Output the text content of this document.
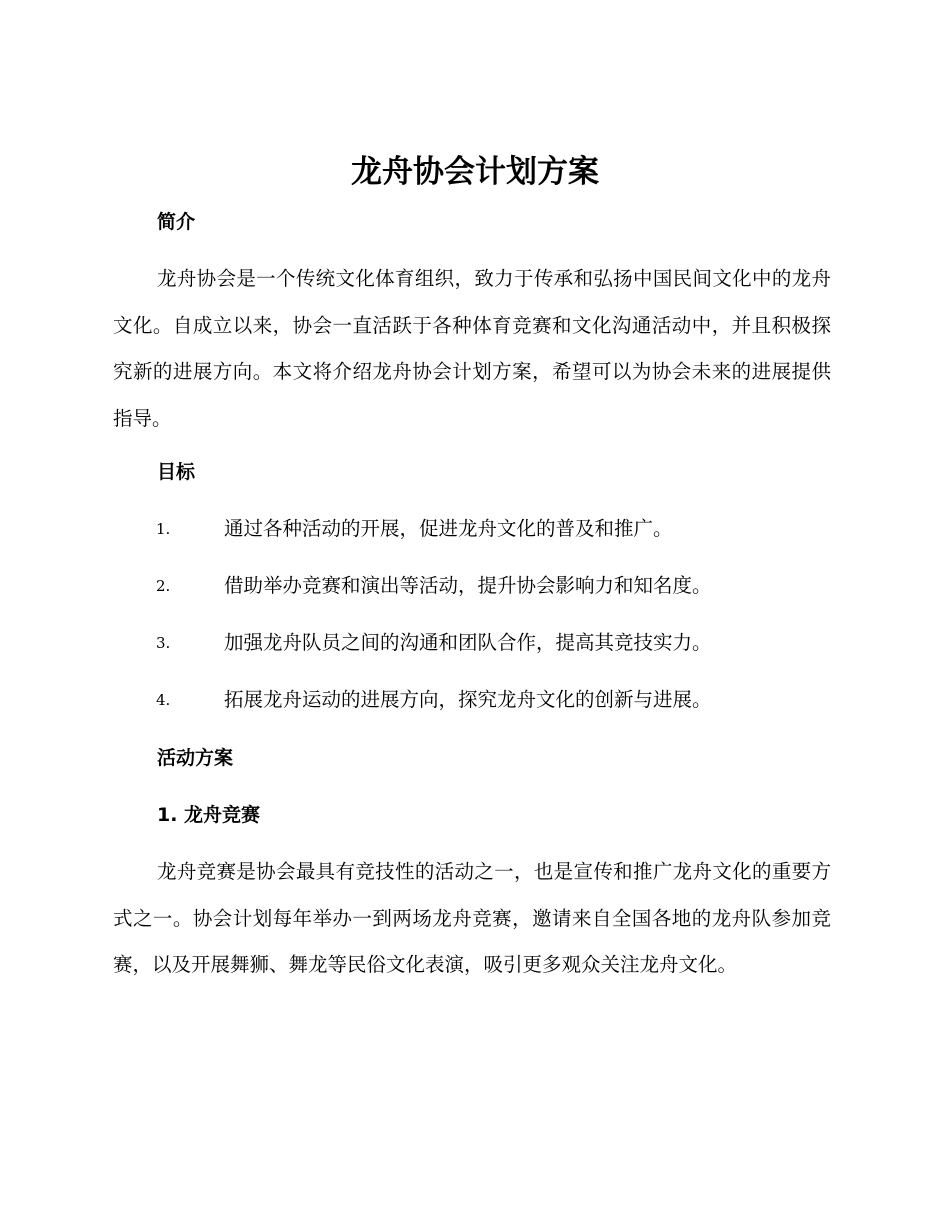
龙舟协会计划方案
简介

龙舟协会是一个传统文化体育组织，致力于传承和弘扬中国民间文化中的龙舟文化。自成立以来，协会一直活跃于各种体育竞赛和文化沟通活动中，并且积极探究新的进展方向。本文将介绍龙舟协会计划方案，希望可以为协会未来的进展提供指导。

目标
1.	通过各种活动的开展，促进龙舟文化的普及和推广。
2.	借助举办竞赛和演出等活动，提升协会影响力和知名度。
3.	加强龙舟队员之间的沟通和团队合作，提高其竞技实力。
4.	拓展龙舟运动的进展方向，探究龙舟文化的创新与进展。
活动方案
1. 龙舟竞赛

龙舟竞赛是协会最具有竞技性的活动之一，也是宣传和推广龙舟文化的重要方式之一。协会计划每年举办一到两场龙舟竞赛，邀请来自全国各地的龙舟队参加竞赛，以及开展舞狮、舞龙等民俗文化表演，吸引更多观众关注龙舟文化。
